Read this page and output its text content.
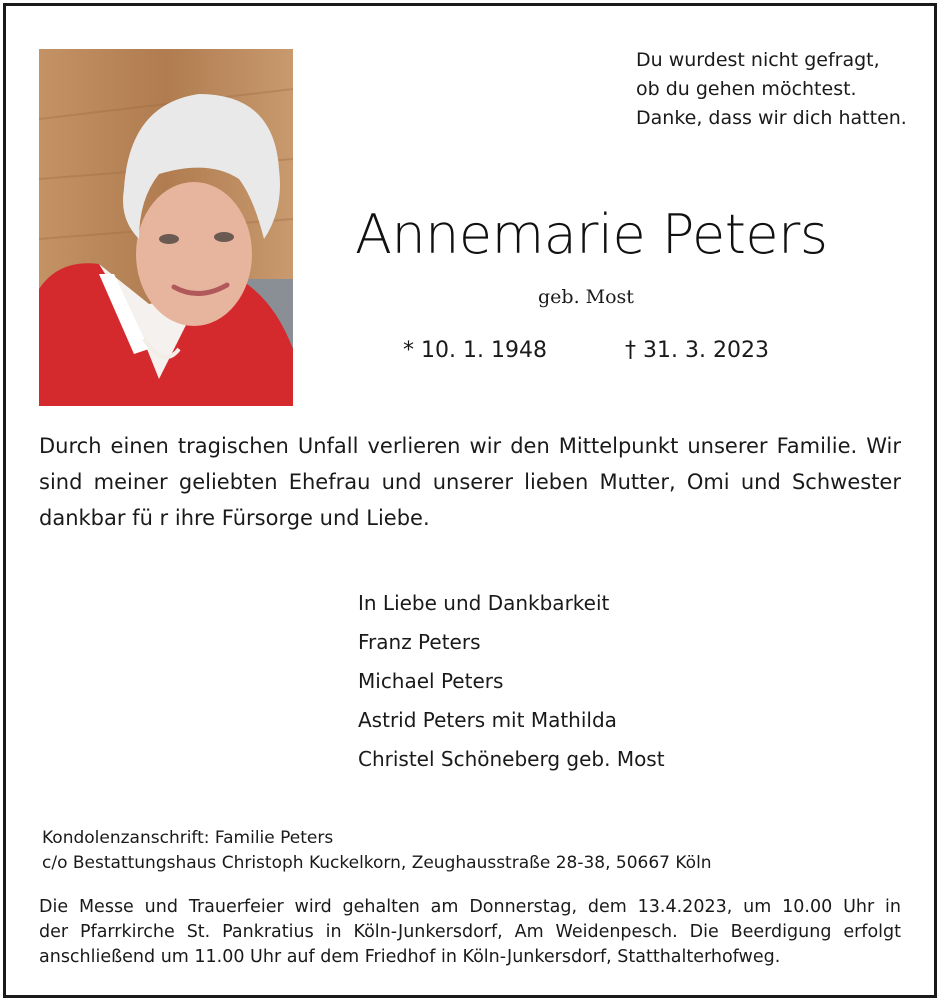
Du wurdest nicht gefragt,
ob du gehen möchtest.
Danke, dass wir dich hatten.
Annemarie Peters
geb. Most
* 10. 1. 1948	† 31. 3. 2023
Durch einen tragischen Unfall verlieren wir den Mittelpunkt unserer Familie. Wir
sind meiner geliebten Ehefrau und unserer lieben Mutter, Omi und Schwester
dankbar fü r ihre Fürsorge und Liebe.
In Liebe und Dankbarkeit
Franz Peters
Michael Peters
Astrid Peters mit Mathilda
Christel Schöneberg geb. Most
Kondolenzanschrift: Familie Peters
c/o Bestattungshaus Christoph Kuckelkorn, Zeughausstraße 28-38, 50667 Köln
Die Messe und Trauerfeier wird gehalten am Donnerstag, dem 13.4.2023, um 10.00 Uhr in
der Pfarrkirche St. Pankratius in Köln-Junkersdorf, Am Weidenpesch. Die Beerdigung erfolgt
anschließend um 11.00 Uhr auf dem Friedhof in Köln-Junkersdorf, Statthalterhofweg.
